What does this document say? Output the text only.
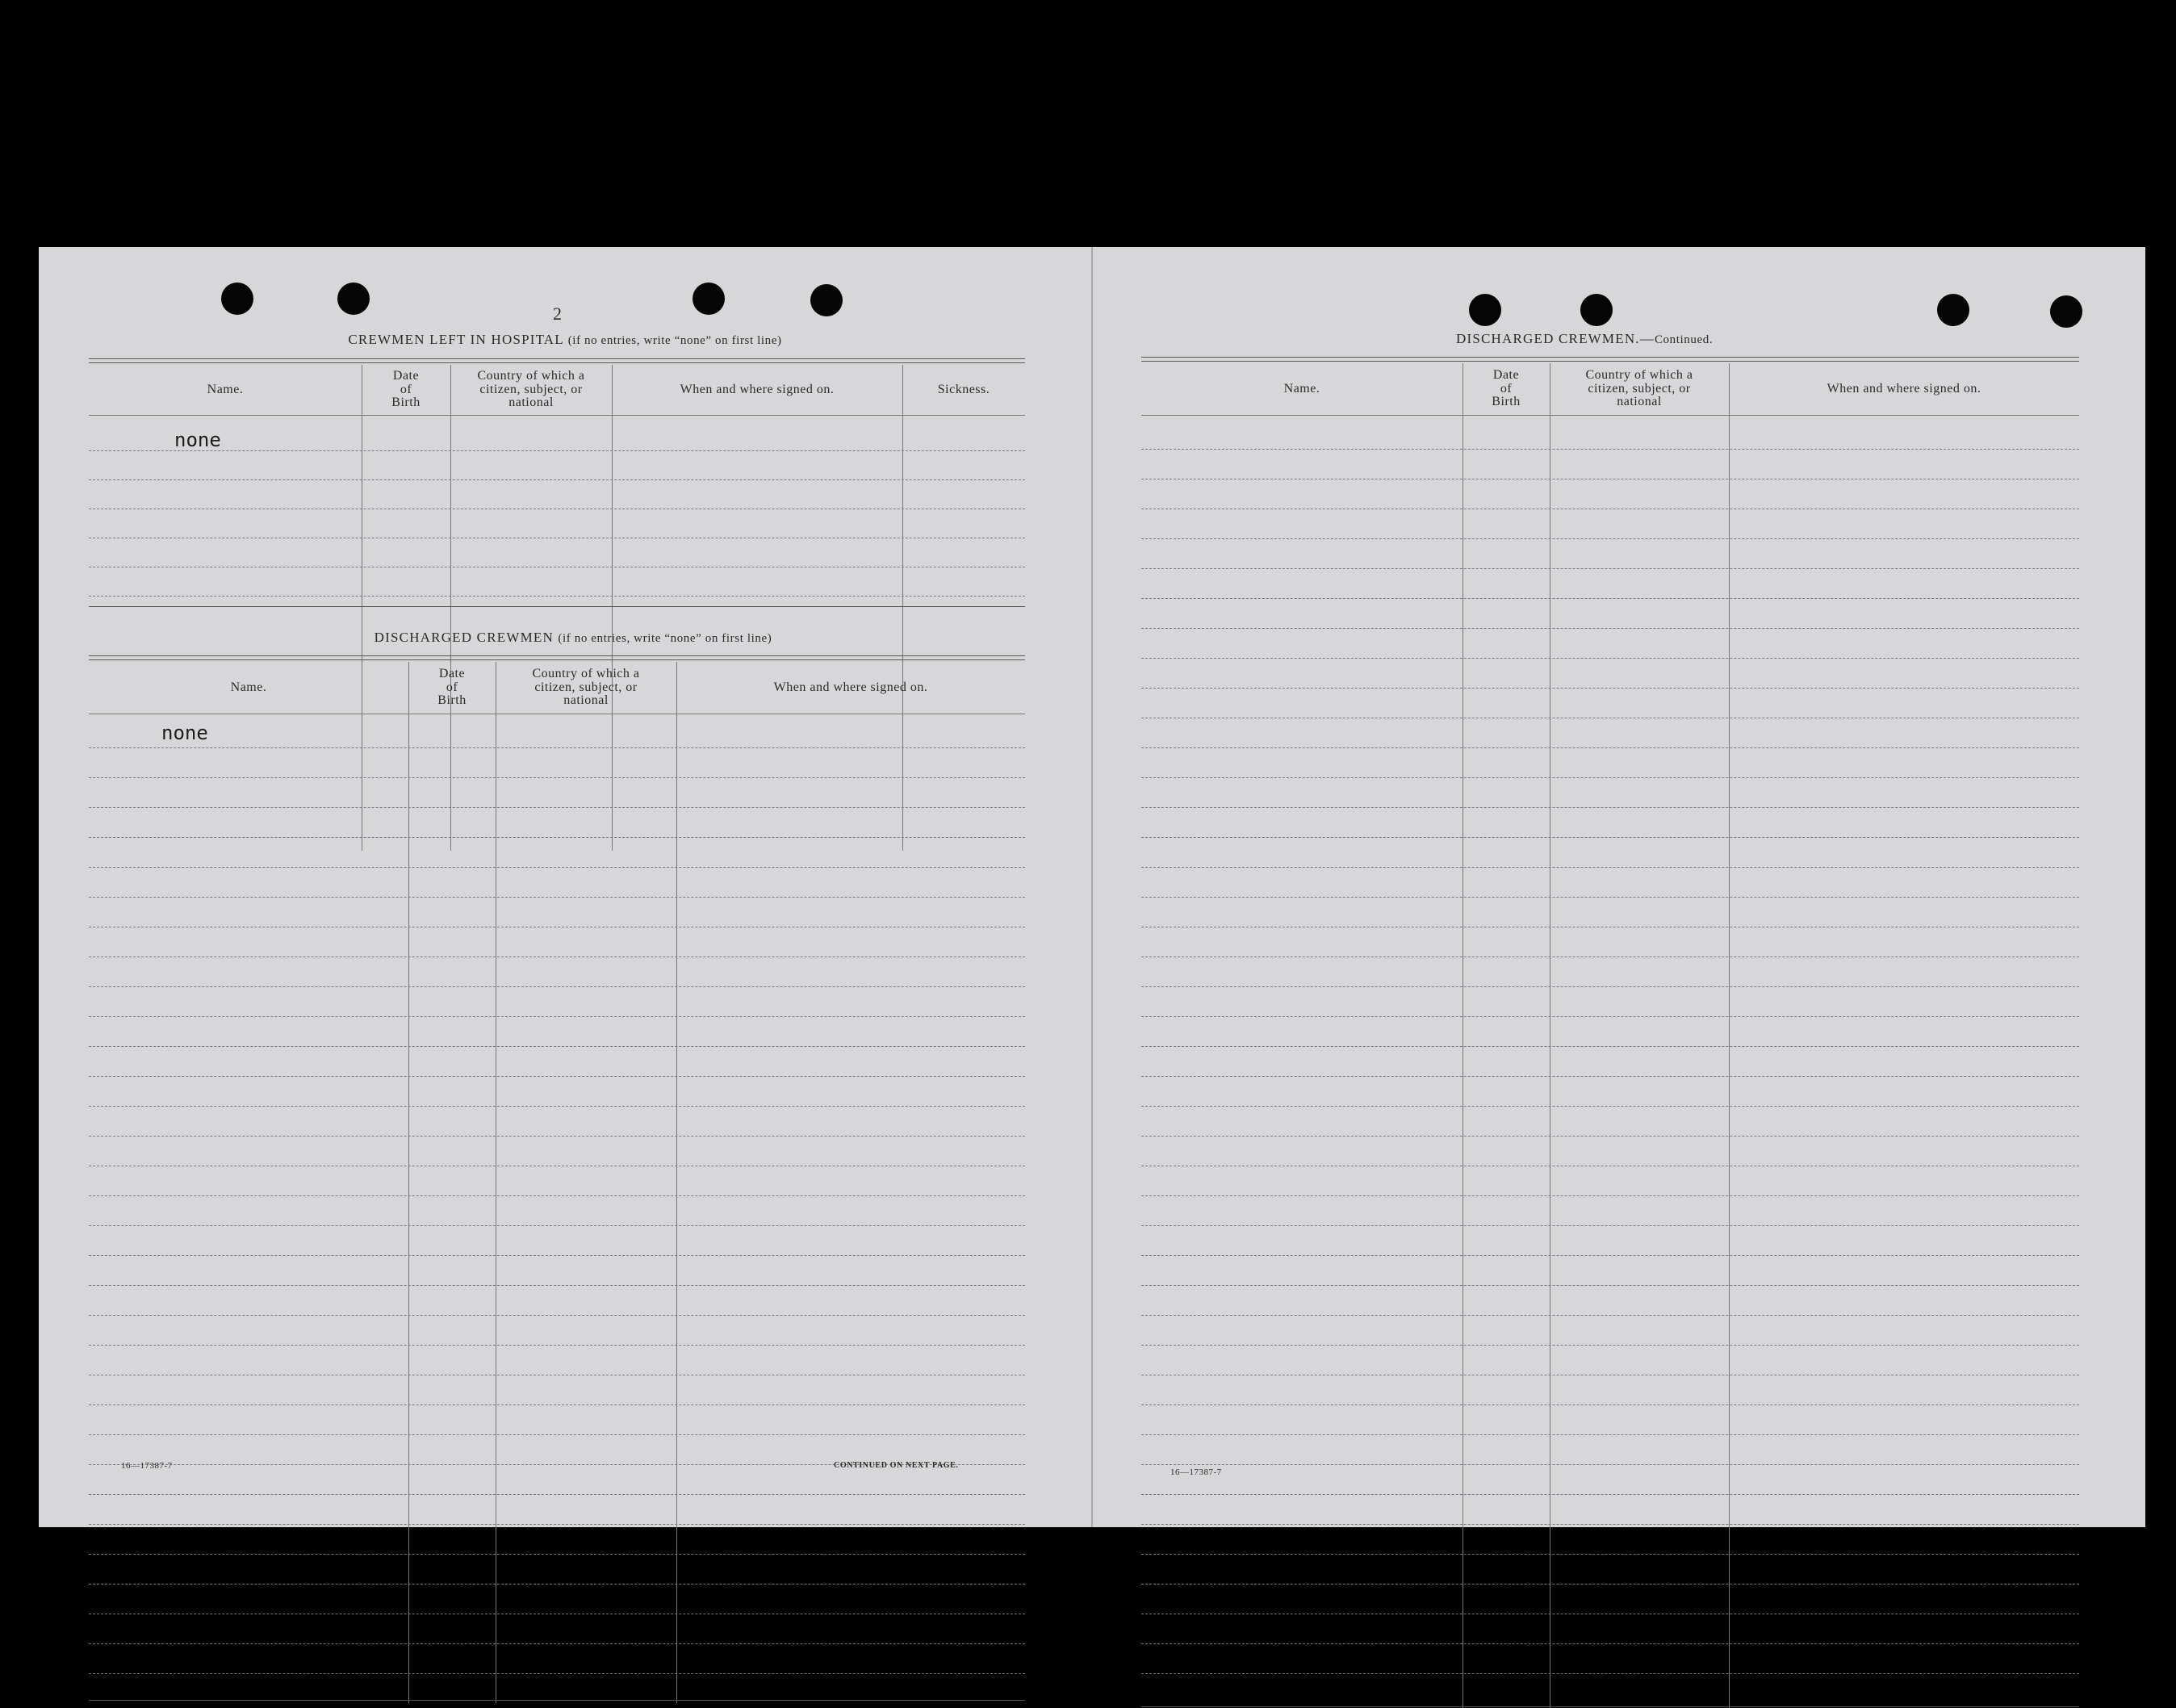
2
CREWMEN LEFT IN HOSPITAL (if no entries, write “none” on first line)
Name.
Date
of
Birth
Country of which a
citizen, subject, or
national
When and where signed on.	Sickness.
none
DISCHARGED CREWMEN (if no entries, write “none” on first line)
Name.
Date
of
Birth
Country of which a
citizen, subject, or
national
When and where signed on.
none
16—17387-7	CONTINUED ON NEXT PAGE.
DISCHARGED CREWMEN.—Continued.
Name.
Date
of
Birth
Country of which a
citizen, subject, or
national
When and where signed on.
16—17387-7
